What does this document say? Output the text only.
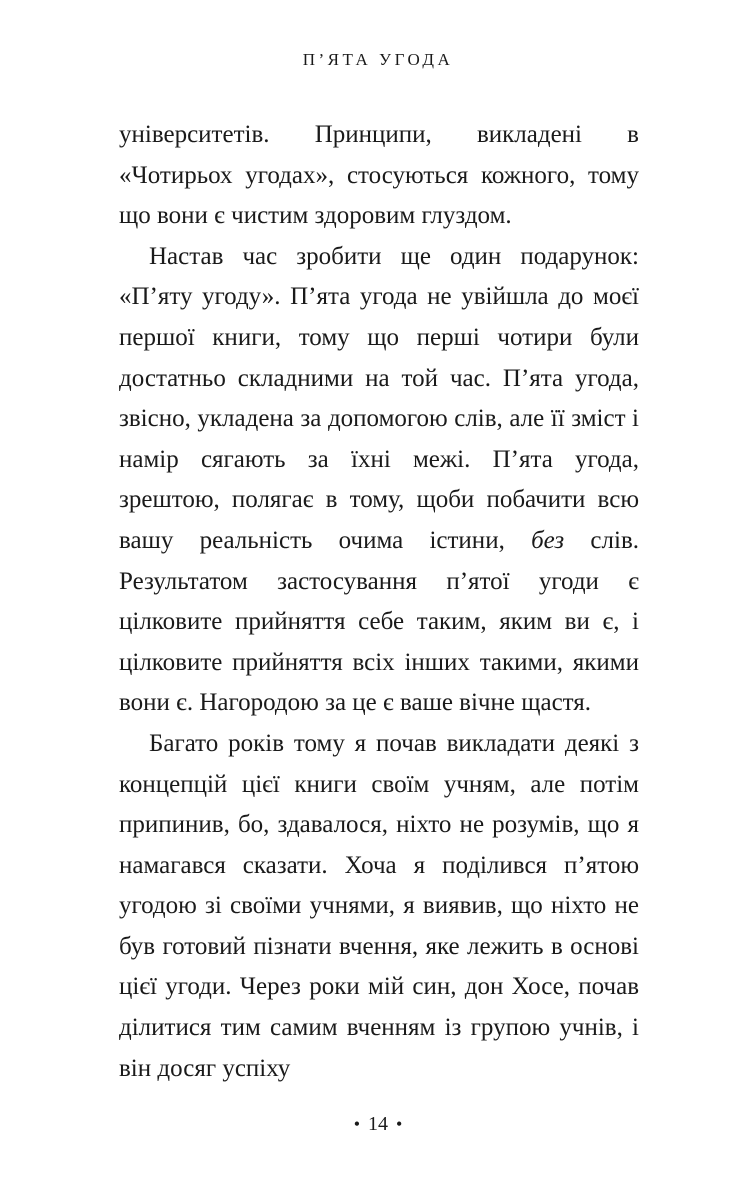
П’ЯТА УГОДА

університетів. Принципи, викладені в «Чотирьох угодах», стосуються кожного, тому що вони є чистим здоровим глуздом.

Настав час зробити ще один подарунок: «П’яту угоду». П’ята угода не увійшла до моєї першої книги, тому що перші чотири були достатньо складними на той час. П’ята угода, звісно, укладена за допомогою слів, але її зміст і намір сягають за їхні межі. П’ята угода, зрештою, полягає в тому, щоби побачити всю вашу реальність очима істини, без слів. Результатом застосування п’ятої угоди є цілковите прийняття себе таким, яким ви є, і цілковите прийняття всіх інших такими, якими вони є. Нагородою за це є ваше вічне щастя.

Багато років тому я почав викладати деякі з концепцій цієї книги своїм учням, але потім припинив, бо, здавалося, ніхто не розумів, що я намагався сказати. Хоча я поділився п’ятою угодою зі своїми учнями, я виявив, що ніхто не був готовий пізнати вчення, яке лежить в основі цієї угоди. Через роки мій син, дон Хосе, почав ділитися тим самим вченням із групою учнів, і він досяг успіху

• 14 •
